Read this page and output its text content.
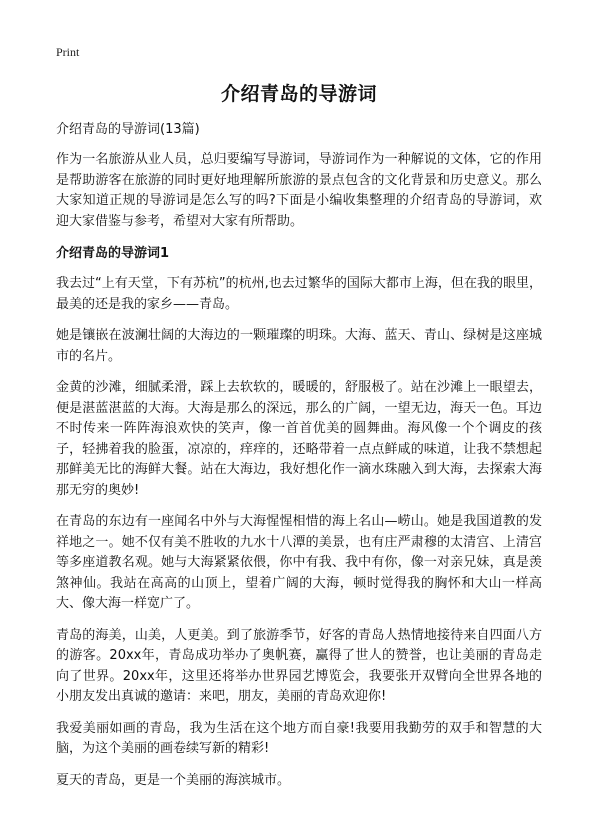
Print
介绍青岛的导游词
介绍青岛的导游词(13篇)

作为一名旅游从业人员，总归要编写导游词，导游词作为一种解说的文体，它的作用是帮助游客在旅游的同时更好地理解所旅游的景点包含的文化背景和历史意义。那么大家知道正规的导游词是怎么写的吗?下面是小编收集整理的介绍青岛的导游词，欢迎大家借鉴与参考，希望对大家有所帮助。

介绍青岛的导游词1

我去过“上有天堂，下有苏杭”的杭州,也去过繁华的国际大都市上海，但在我的眼里，最美的还是我的家乡——青岛。

她是镶嵌在波澜壮阔的大海边的一颗璀璨的明珠。大海、蓝天、青山、绿树是这座城市的名片。

金黄的沙滩，细腻柔滑，踩上去软软的，暖暖的，舒服极了。站在沙滩上一眼望去，便是湛蓝湛蓝的大海。大海是那么的深远，那么的广阔，一望无边，海天一色。耳边不时传来一阵阵海浪欢快的笑声，像一首首优美的圆舞曲。海风像一个个调皮的孩子，轻拂着我的脸蛋，凉凉的，痒痒的，还略带着一点点鲜咸的味道，让我不禁想起那鲜美无比的海鲜大餐。站在大海边，我好想化作一滴水珠融入到大海，去探索大海那无穷的奥妙!

在青岛的东边有一座闻名中外与大海惺惺相惜的海上名山—崂山。她是我国道教的发祥地之一。她不仅有美不胜收的九水十八潭的美景，也有庄严肃穆的太清宫、上清宫等多座道教名观。她与大海紧紧依偎，你中有我、我中有你，像一对亲兄妹，真是羡煞神仙。我站在高高的山顶上，望着广阔的大海，顿时觉得我的胸怀和大山一样高大、像大海一样宽广了。

青岛的海美，山美，人更美。到了旅游季节，好客的青岛人热情地接待来自四面八方的游客。20xx年，青岛成功举办了奥帆赛，赢得了世人的赞誉，也让美丽的青岛走向了世界。20xx年，这里还将举办世界园艺博览会，我要张开双臂向全世界各地的小朋友发出真诚的邀请：来吧，朋友，美丽的青岛欢迎你!

我爱美丽如画的青岛，我为生活在这个地方而自豪!我要用我勤劳的双手和智慧的大脑，为这个美丽的画卷续写新的精彩!

夏天的青岛，更是一个美丽的海滨城市。
